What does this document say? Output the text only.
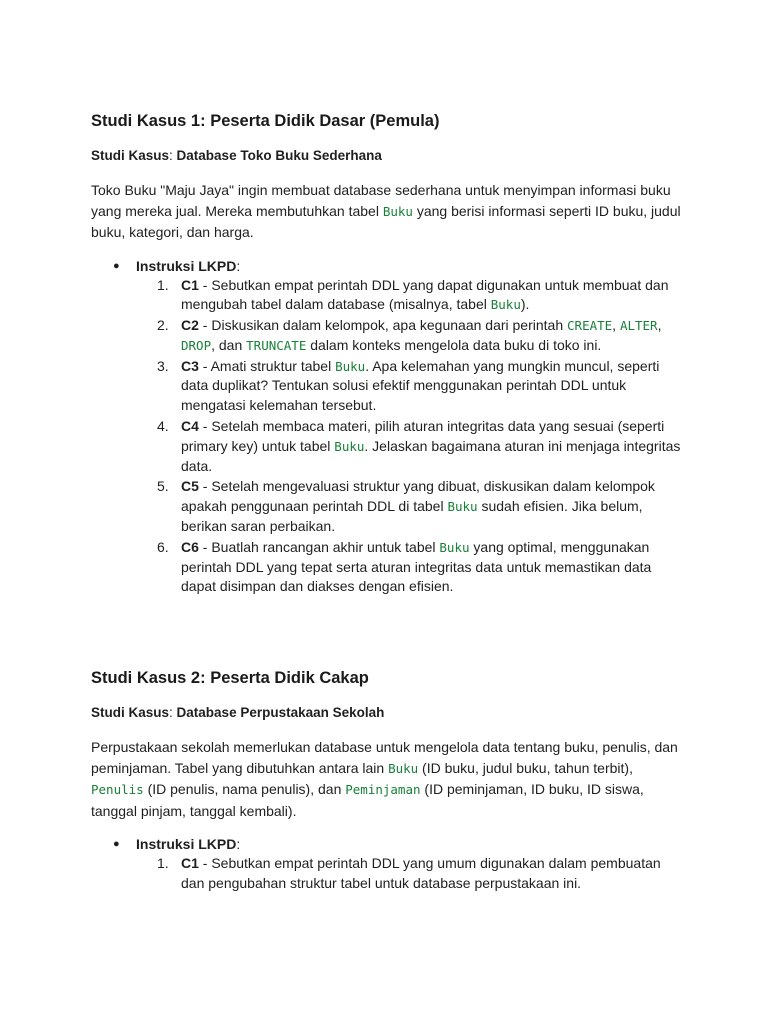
Studi Kasus 1: Peserta Didik Dasar (Pemula)

Studi Kasus: Database Toko Buku Sederhana

Toko Buku "Maju Jaya" ingin membuat database sederhana untuk menyimpan informasi buku yang mereka jual. Mereka membutuhkan tabel Buku yang berisi informasi seperti ID buku, judul buku, kategori, dan harga.

● Instruksi LKPD:

1. C1 - Sebutkan empat perintah DDL yang dapat digunakan untuk membuat dan mengubah tabel dalam database (misalnya, tabel Buku).
2. C2 - Diskusikan dalam kelompok, apa kegunaan dari perintah CREATE, ALTER, DROP, dan TRUNCATE dalam konteks mengelola data buku di toko ini.
3. C3 - Amati struktur tabel Buku. Apa kelemahan yang mungkin muncul, seperti data duplikat? Tentukan solusi efektif menggunakan perintah DDL untuk mengatasi kelemahan tersebut.
4. C4 - Setelah membaca materi, pilih aturan integritas data yang sesuai (seperti primary key) untuk tabel Buku. Jelaskan bagaimana aturan ini menjaga integritas data.
5. C5 - Setelah mengevaluasi struktur yang dibuat, diskusikan dalam kelompok apakah penggunaan perintah DDL di tabel Buku sudah efisien. Jika belum, berikan saran perbaikan.
6. C6 - Buatlah rancangan akhir untuk tabel Buku yang optimal, menggunakan perintah DDL yang tepat serta aturan integritas data untuk memastikan data dapat disimpan dan diakses dengan efisien.
Studi Kasus 2: Peserta Didik Cakap

Studi Kasus: Database Perpustakaan Sekolah

Perpustakaan sekolah memerlukan database untuk mengelola data tentang buku, penulis, dan peminjaman. Tabel yang dibutuhkan antara lain Buku (ID buku, judul buku, tahun terbit), Penulis (ID penulis, nama penulis), dan Peminjaman (ID peminjaman, ID buku, ID siswa, tanggal pinjam, tanggal kembali).

● Instruksi LKPD:

1. C1 - Sebutkan empat perintah DDL yang umum digunakan dalam pembuatan dan pengubahan struktur tabel untuk database perpustakaan ini.
